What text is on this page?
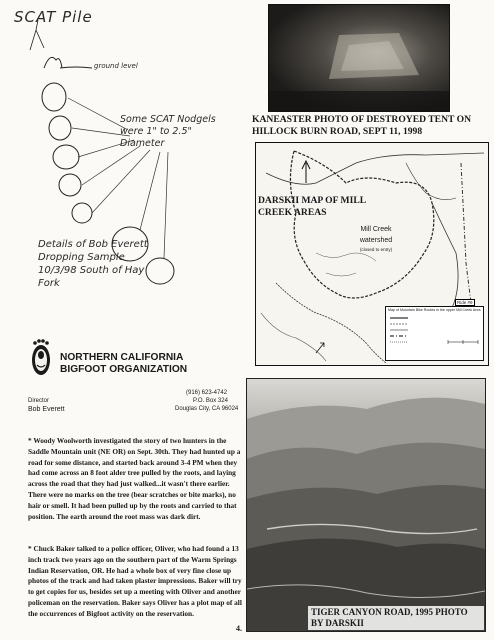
SCAT Pile
ground level
Some SCAT Nodgels were 1" to 2.5" Diameter
Details of Bob Everett Dropping Sample 10/3/98 South of Hay Fork
KANEASTER PHOTO OF DESTROYED TENT ON HILLOCK BURN ROAD, SEPT 11, 1998
DARSKII MAP OF MILL CREEK AREAS
Mill Creek watershed
(closed to entry)
Ride #9
Map of Mountain Bike Routes in the upper Mill Creek Area
NORTHERN CALIFORNIA
BIGFOOT ORGANIZATION
(916) 623-4742
P.O. Box 324
Douglas City, CA 96024
Director
Bob Everett
* Woody Woolworth investigated the story of two hunters in the Saddle Mountain unit (NE OR) on Sept. 30th. They had hunted up a road for some distance, and started back around 3-4 PM when they had come across an 8 foot alder tree pulled by the roots, and laying across the road that they had just walked...it wasn't there earlier. There were no marks on the tree (bear scratches or bite marks), no hair or smell. It had been pulled up by the roots and carried to that position. The earth around the root mass was dark dirt.
* Chuck Baker talked to a police officer, Oliver, who had found a 13 inch track two years ago on the southern part of the Warm Springs Indian Reservation, OR. He had a whole box of very fine close up photos of the track and had taken plaster impressions. Baker will try to get copies for us, besides set up a meeting with Oliver and another policeman on the reservation. Baker says Oliver has a plot map of all the occurrences of Bigfoot activity on the reservation.	TIGER CANYON ROAD, 1995 PHOTO BY DARSKII
4.
